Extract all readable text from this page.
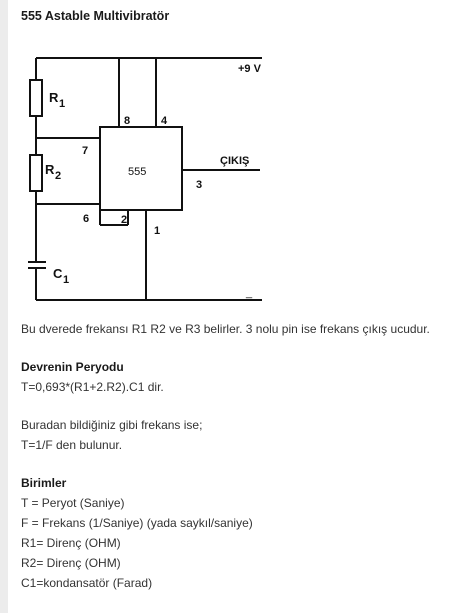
555 Astable Multivibratör
+9 V
_
555
ÇIKIŞ
R 1
R 2
C 1
8	4
7
6	2
1
3
Bu dverede frekansı R1 R2 ve R3 belirler. 3 nolu pin ise frekans çıkış ucudur.
Devrenin Peryodu
T=0,693*(R1+2.R2).C1 dir.
Buradan bildiğiniz gibi frekans ise;
T=1/F den bulunur.
Birimler
T = Peryot (Saniye)
F = Frekans (1/Saniye) (yada saykıl/saniye)
R1= Direnç (OHM)
R2= Direnç (OHM)
C1=kondansatör (Farad)
